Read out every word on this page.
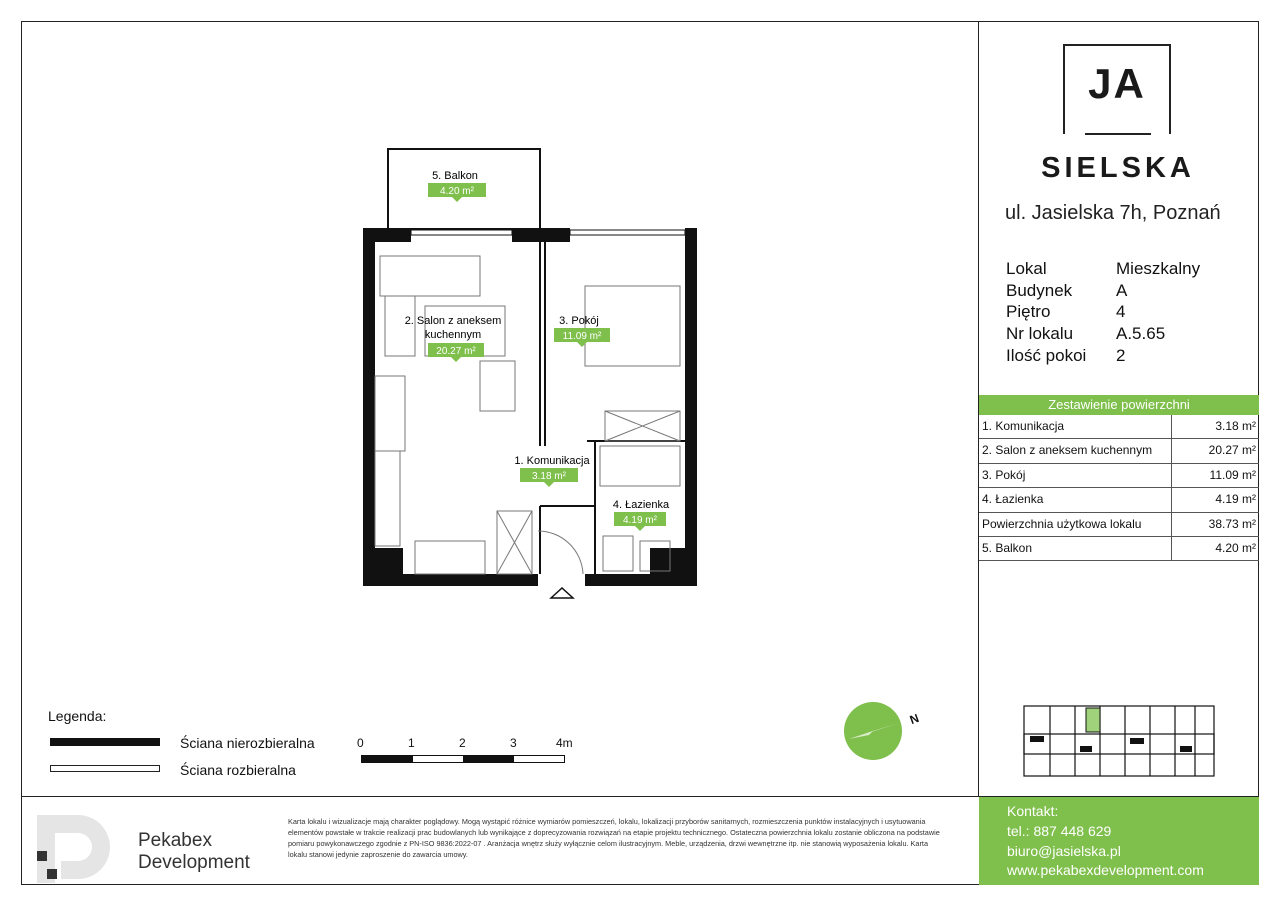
5. Balkon
4.20 m²
2. Salon z aneksem
kuchennym
20.27 m²
3. Pokój
11.09 m²
1. Komunikacja
3.18 m²
4. Łazienka
4.19 m²
JA
SIELSKA
ul. Jasielska 7h, Poznań
Lokal	Mieszkalny
Budynek	A
Piętro	4
Nr lokalu	A.5.65
Ilość pokoi	2
Zestawienie powierzchni
1. Komunikacja	3.18 m²
2. Salon z aneksem kuchennym	20.27 m²
3. Pokój	11.09 m²
4. Łazienka	4.19 m²
Powierzchnia użytkowa lokalu	38.73 m²
5. Balkon	4.20 m²
Legenda:
Ściana nierozbieralna
Ściana rozbieralna
0	1	2	3	4m
N
Pekabex
Development
Karta lokalu i wizualizacje mają charakter poglądowy. Mogą wystąpić różnice wymiarów pomieszczeń, lokalu, lokalizacji przyborów sanitarnych, rozmieszczenia punktów instalacyjnych i usytuowania elementów powstałe w trakcie realizacji prac budowlanych lub wynikające z doprecyzowania rozwiązań na etapie projektu technicznego. Ostateczna powierzchnia lokalu zostanie obliczona na podstawie pomiaru powykonawczego zgodnie z PN-ISO 9836:2022-07 . Aranżacja wnętrz służy wyłącznie celom ilustracyjnym. Meble, urządzenia, drzwi wewnętrzne itp. nie stanowią wyposażenia lokalu. Karta lokalu stanowi jedynie zaproszenie do zawarcia umowy.
Kontakt:
tel.: 887 448 629
biuro@jasielska.pl
www.pekabexdevelopment.com
